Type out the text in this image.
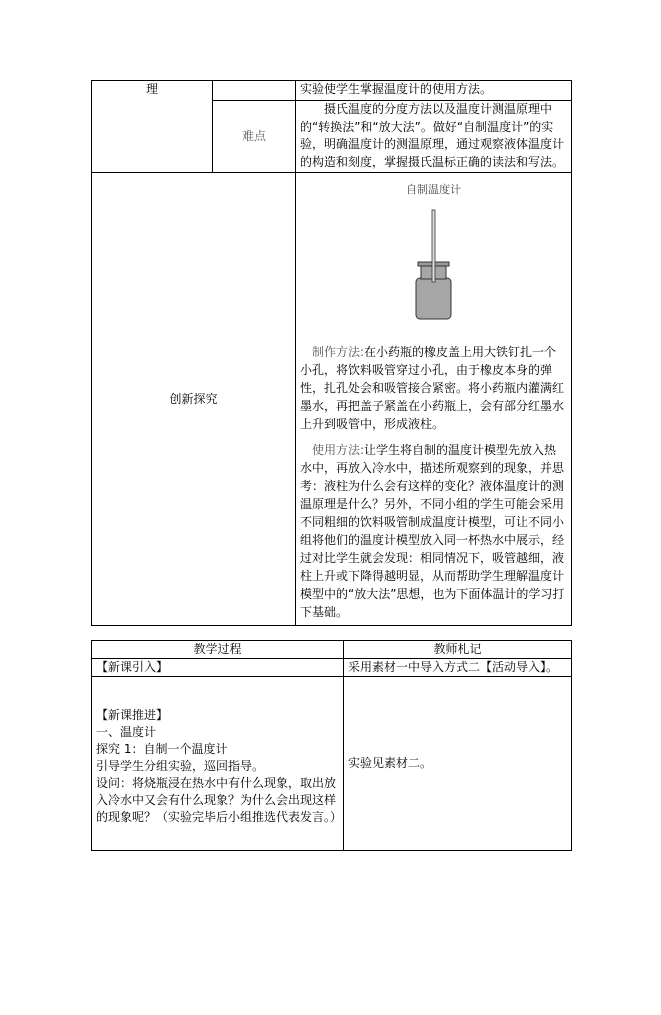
理		实验使学生掌握温度计的使用方法。
	难点	摄氏温度的分度方法以及温度计测温原理中的“转换法”和“放大法”。做好“自制温度计”的实验，明确温度计的测温原理，通过观察液体温度计的构造和刻度，掌握摄氏温标正确的读法和写法。
创新探究		自制温度计

制作方法:在小药瓶的橡皮盖上用大铁钉扎一个小孔，将饮料吸管穿过小孔，由于橡皮本身的弹性，扎孔处会和吸管接合紧密。将小药瓶内灌满红墨水，再把盖子紧盖在小药瓶上，会有部分红墨水上升到吸管中，形成液柱。

使用方法:让学生将自制的温度计模型先放入热水中，再放入冷水中，描述所观察到的现象，并思考：液柱为什么会有这样的变化？液体温度计的测温原理是什么？另外，不同小组的学生可能会采用不同粗细的饮料吸管制成温度计模型，可让不同小组将他们的温度计模型放入同一杯热水中展示，经过对比学生就会发现：相同情况下，吸管越细，液柱上升或下降得越明显，从而帮助学生理解温度计模型中的“放大法”思想，也为下面体温计的学习打下基础。

教学过程	教师札记
【新课引入】	采用素材一中导入方式二【活动导入】。

【新课推进】
一、温度计
探究 1：自制一个温度计
引导学生分组实验，巡回指导。
设问：将烧瓶浸在热水中有什么现象，取出放入冷水中又会有什么现象？为什么会出现这样的现象呢？（实验完毕后小组推选代表发言。）	实验见素材二。
